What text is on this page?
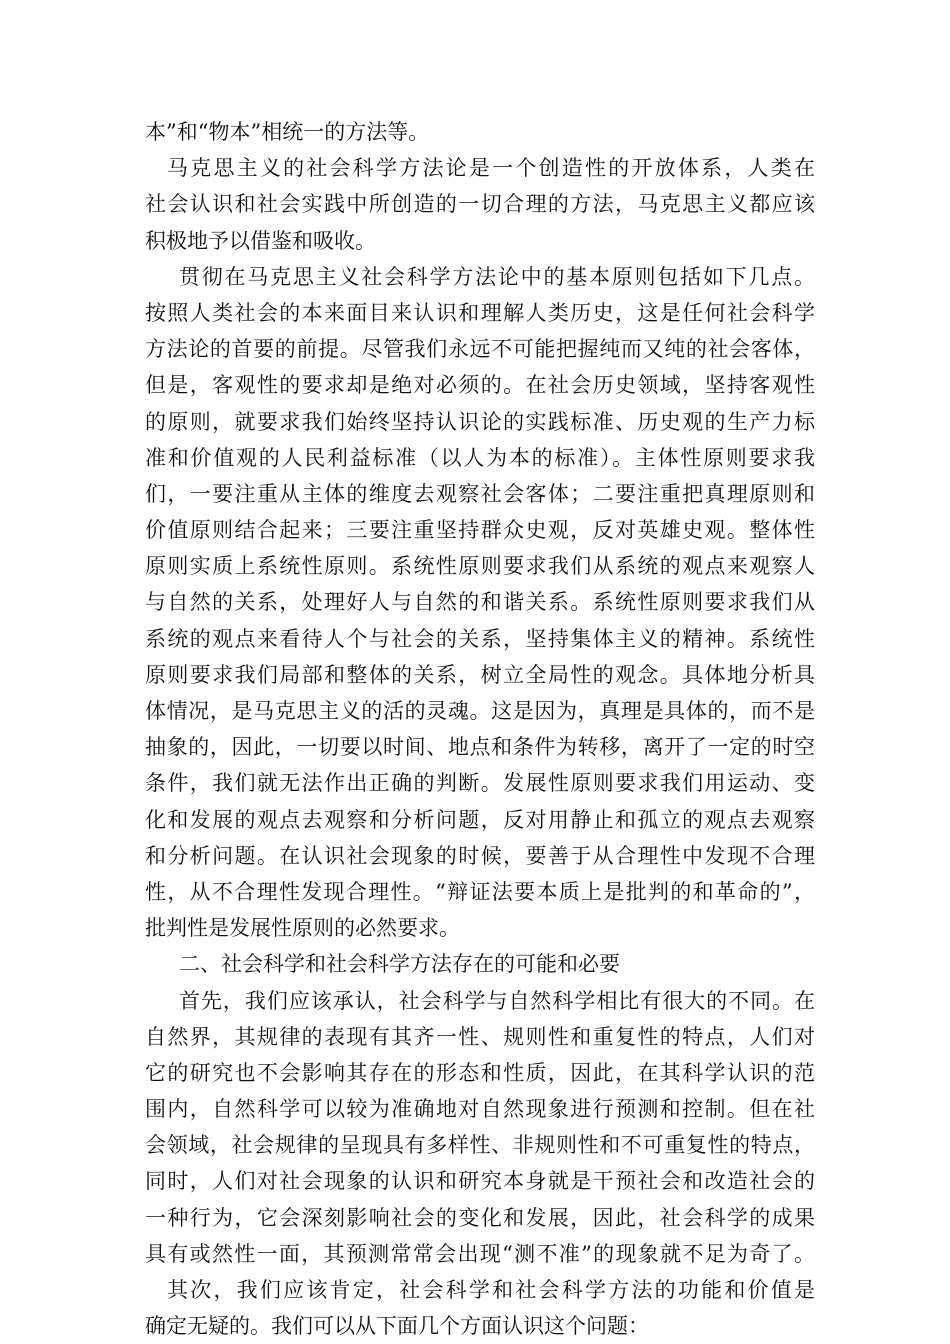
本”和“物本”相统一的方法等。
马克思主义的社会科学方法论是一个创造性的开放体系，人类在
社会认识和社会实践中所创造的一切合理的方法，马克思主义都应该
积极地予以借鉴和吸收。
贯彻在马克思主义社会科学方法论中的基本原则包括如下几点。
按照人类社会的本来面目来认识和理解人类历史，这是任何社会科学
方法论的首要的前提。尽管我们永远不可能把握纯而又纯的社会客体，
但是，客观性的要求却是绝对必须的。在社会历史领域，坚持客观性
的原则，就要求我们始终坚持认识论的实践标准、历史观的生产力标
准和价值观的人民利益标准（以人为本的标准）。主体性原则要求我
们，一要注重从主体的维度去观察社会客体；二要注重把真理原则和
价值原则结合起来；三要注重坚持群众史观，反对英雄史观。整体性
原则实质上系统性原则。系统性原则要求我们从系统的观点来观察人
与自然的关系，处理好人与自然的和谐关系。系统性原则要求我们从
系统的观点来看待人个与社会的关系，坚持集体主义的精神。系统性
原则要求我们局部和整体的关系，树立全局性的观念。具体地分析具
体情况，是马克思主义的活的灵魂。这是因为，真理是具体的，而不是
抽象的，因此，一切要以时间、地点和条件为转移，离开了一定的时空
条件，我们就无法作出正确的判断。发展性原则要求我们用运动、变
化和发展的观点去观察和分析问题，反对用静止和孤立的观点去观察
和分析问题。在认识社会现象的时候，要善于从合理性中发现不合理
性，从不合理性发现合理性。“辩证法要本质上是批判的和革命的”，
批判性是发展性原则的必然要求。
二、社会科学和社会科学方法存在的可能和必要
首先，我们应该承认，社会科学与自然科学相比有很大的不同。在
自然界，其规律的表现有其齐一性、规则性和重复性的特点，人们对
它的研究也不会影响其存在的形态和性质，因此，在其科学认识的范
围内，自然科学可以较为准确地对自然现象进行预测和控制。但在社
会领域，社会规律的呈现具有多样性、非规则性和不可重复性的特点，
同时，人们对社会现象的认识和研究本身就是干预社会和改造社会的
一种行为，它会深刻影响社会的变化和发展，因此，社会科学的成果
具有或然性一面，其预测常常会出现“测不准”的现象就不足为奇了。
其次，我们应该肯定，社会科学和社会科学方法的功能和价值是
确定无疑的。我们可以从下面几个方面认识这个问题：
